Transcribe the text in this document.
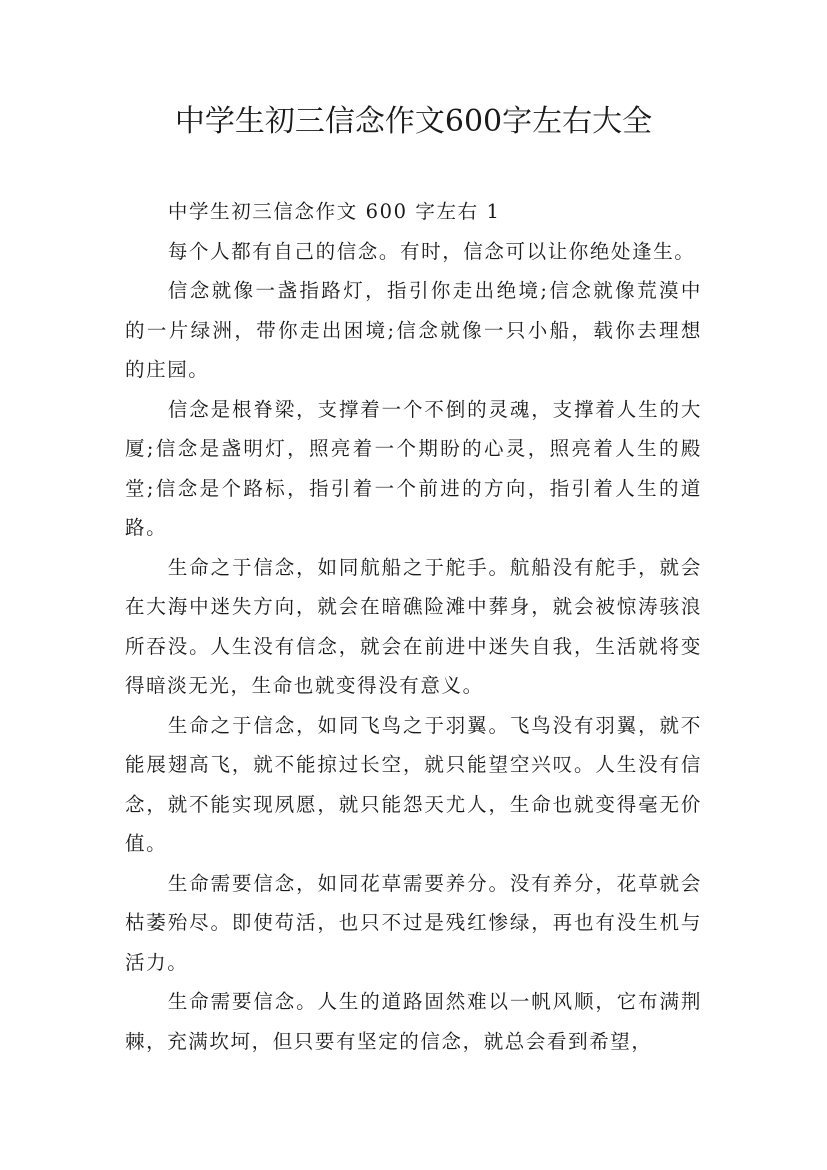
中学生初三信念作文600字左右大全

中学生初三信念作文 600 字左右 1

每个人都有自己的信念。有时，信念可以让你绝处逢生。

信念就像一盏指路灯，指引你走出绝境;信念就像荒漠中的一片绿洲，带你走出困境;信念就像一只小船，载你去理想的庄园。

信念是根脊梁，支撑着一个不倒的灵魂，支撑着人生的大厦;信念是盏明灯，照亮着一个期盼的心灵，照亮着人生的殿堂;信念是个路标，指引着一个前进的方向，指引着人生的道路。

生命之于信念，如同航船之于舵手。航船没有舵手，就会在大海中迷失方向，就会在暗礁险滩中葬身，就会被惊涛骇浪所吞没。人生没有信念，就会在前进中迷失自我，生活就将变得暗淡无光，生命也就变得没有意义。

生命之于信念，如同飞鸟之于羽翼。飞鸟没有羽翼，就不能展翅高飞，就不能掠过长空，就只能望空兴叹。人生没有信念，就不能实现夙愿，就只能怨天尤人，生命也就变得毫无价值。

生命需要信念，如同花草需要养分。没有养分，花草就会枯萎殆尽。即使苟活，也只不过是残红惨绿，再也有没生机与活力。

生命需要信念。人生的道路固然难以一帆风顺，它布满荆棘，充满坎坷，但只要有坚定的信念，就总会看到希望，
